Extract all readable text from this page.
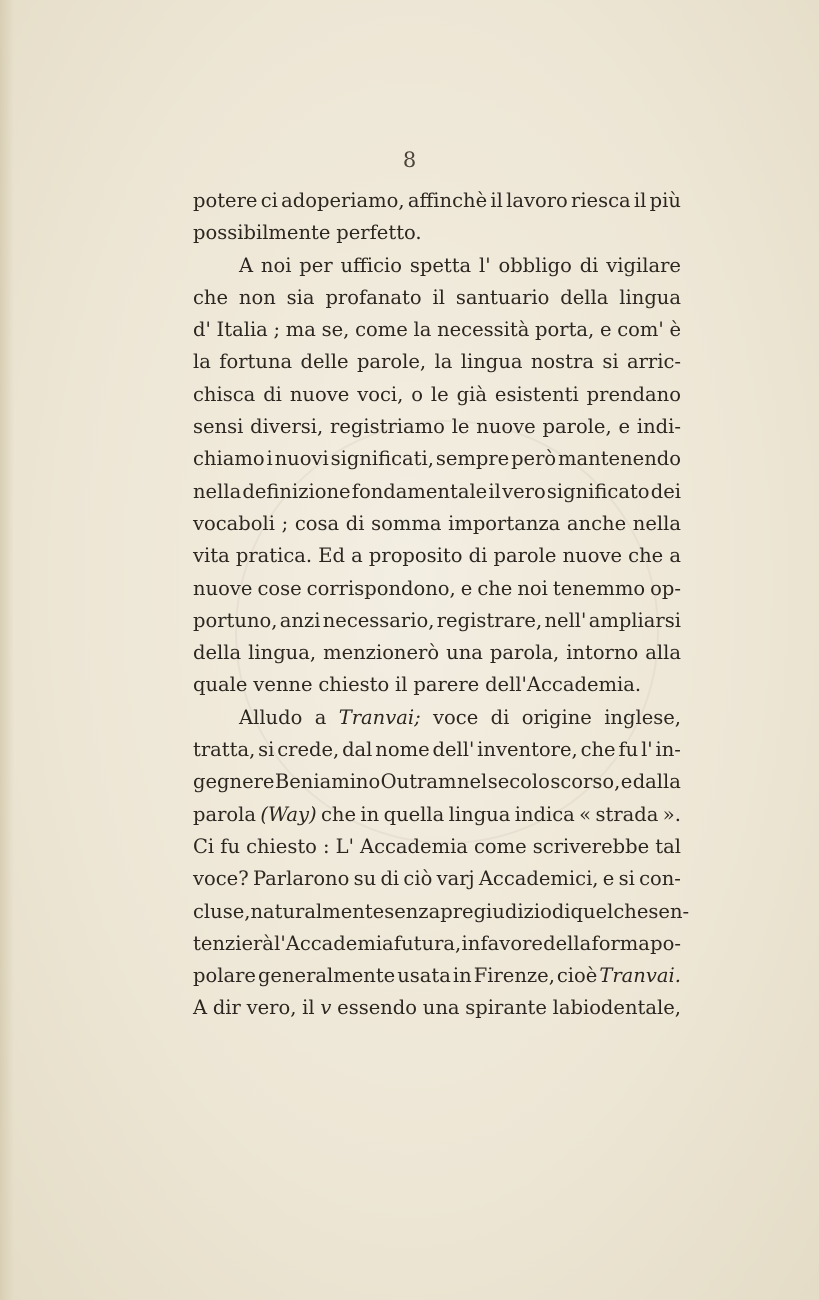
8
potere ci adoperiamo, affinchè il lavoro riesca il più
possibilmente perfetto.
A noi per ufficio spetta l' obbligo di vigilare
che non sia profanato il santuario della lingua
d' Italia ; ma se, come la necessità porta, e com' è
la fortuna delle parole, la lingua nostra si arric-
chisca di nuove voci, o le già esistenti prendano
sensi diversi, registriamo le nuove parole, e indi-
chiamo i nuovi significati, sempre però mantenendo
nella definizione fondamentale il vero significato dei
vocaboli ; cosa di somma importanza anche nella
vita pratica. Ed a proposito di parole nuove che a
nuove cose corrispondono, e che noi tenemmo op-
portuno, anzi necessario, registrare, nell' ampliarsi
della lingua, menzionerò una parola, intorno alla
quale venne chiesto il parere dell'Accademia.
Alludo a Tranvai; voce di origine inglese,
tratta, si crede, dal nome dell' inventore, che fu l' in-
gegnere Beniamino Outram nel secolo scorso, e dalla
parola (Way) che in quella lingua indica « strada ».
Ci fu chiesto : L' Accademia come scriverebbe tal
voce? Parlarono su di ciò varj Accademici, e si con-
cluse, naturalmente senza pregiudizio di quel che sen-
tenzierà l'Accademia futura, in favore della forma po-
polare generalmente usata in Firenze, cioè Tranvai.
A dir vero, il v essendo una spirante labiodentale,
